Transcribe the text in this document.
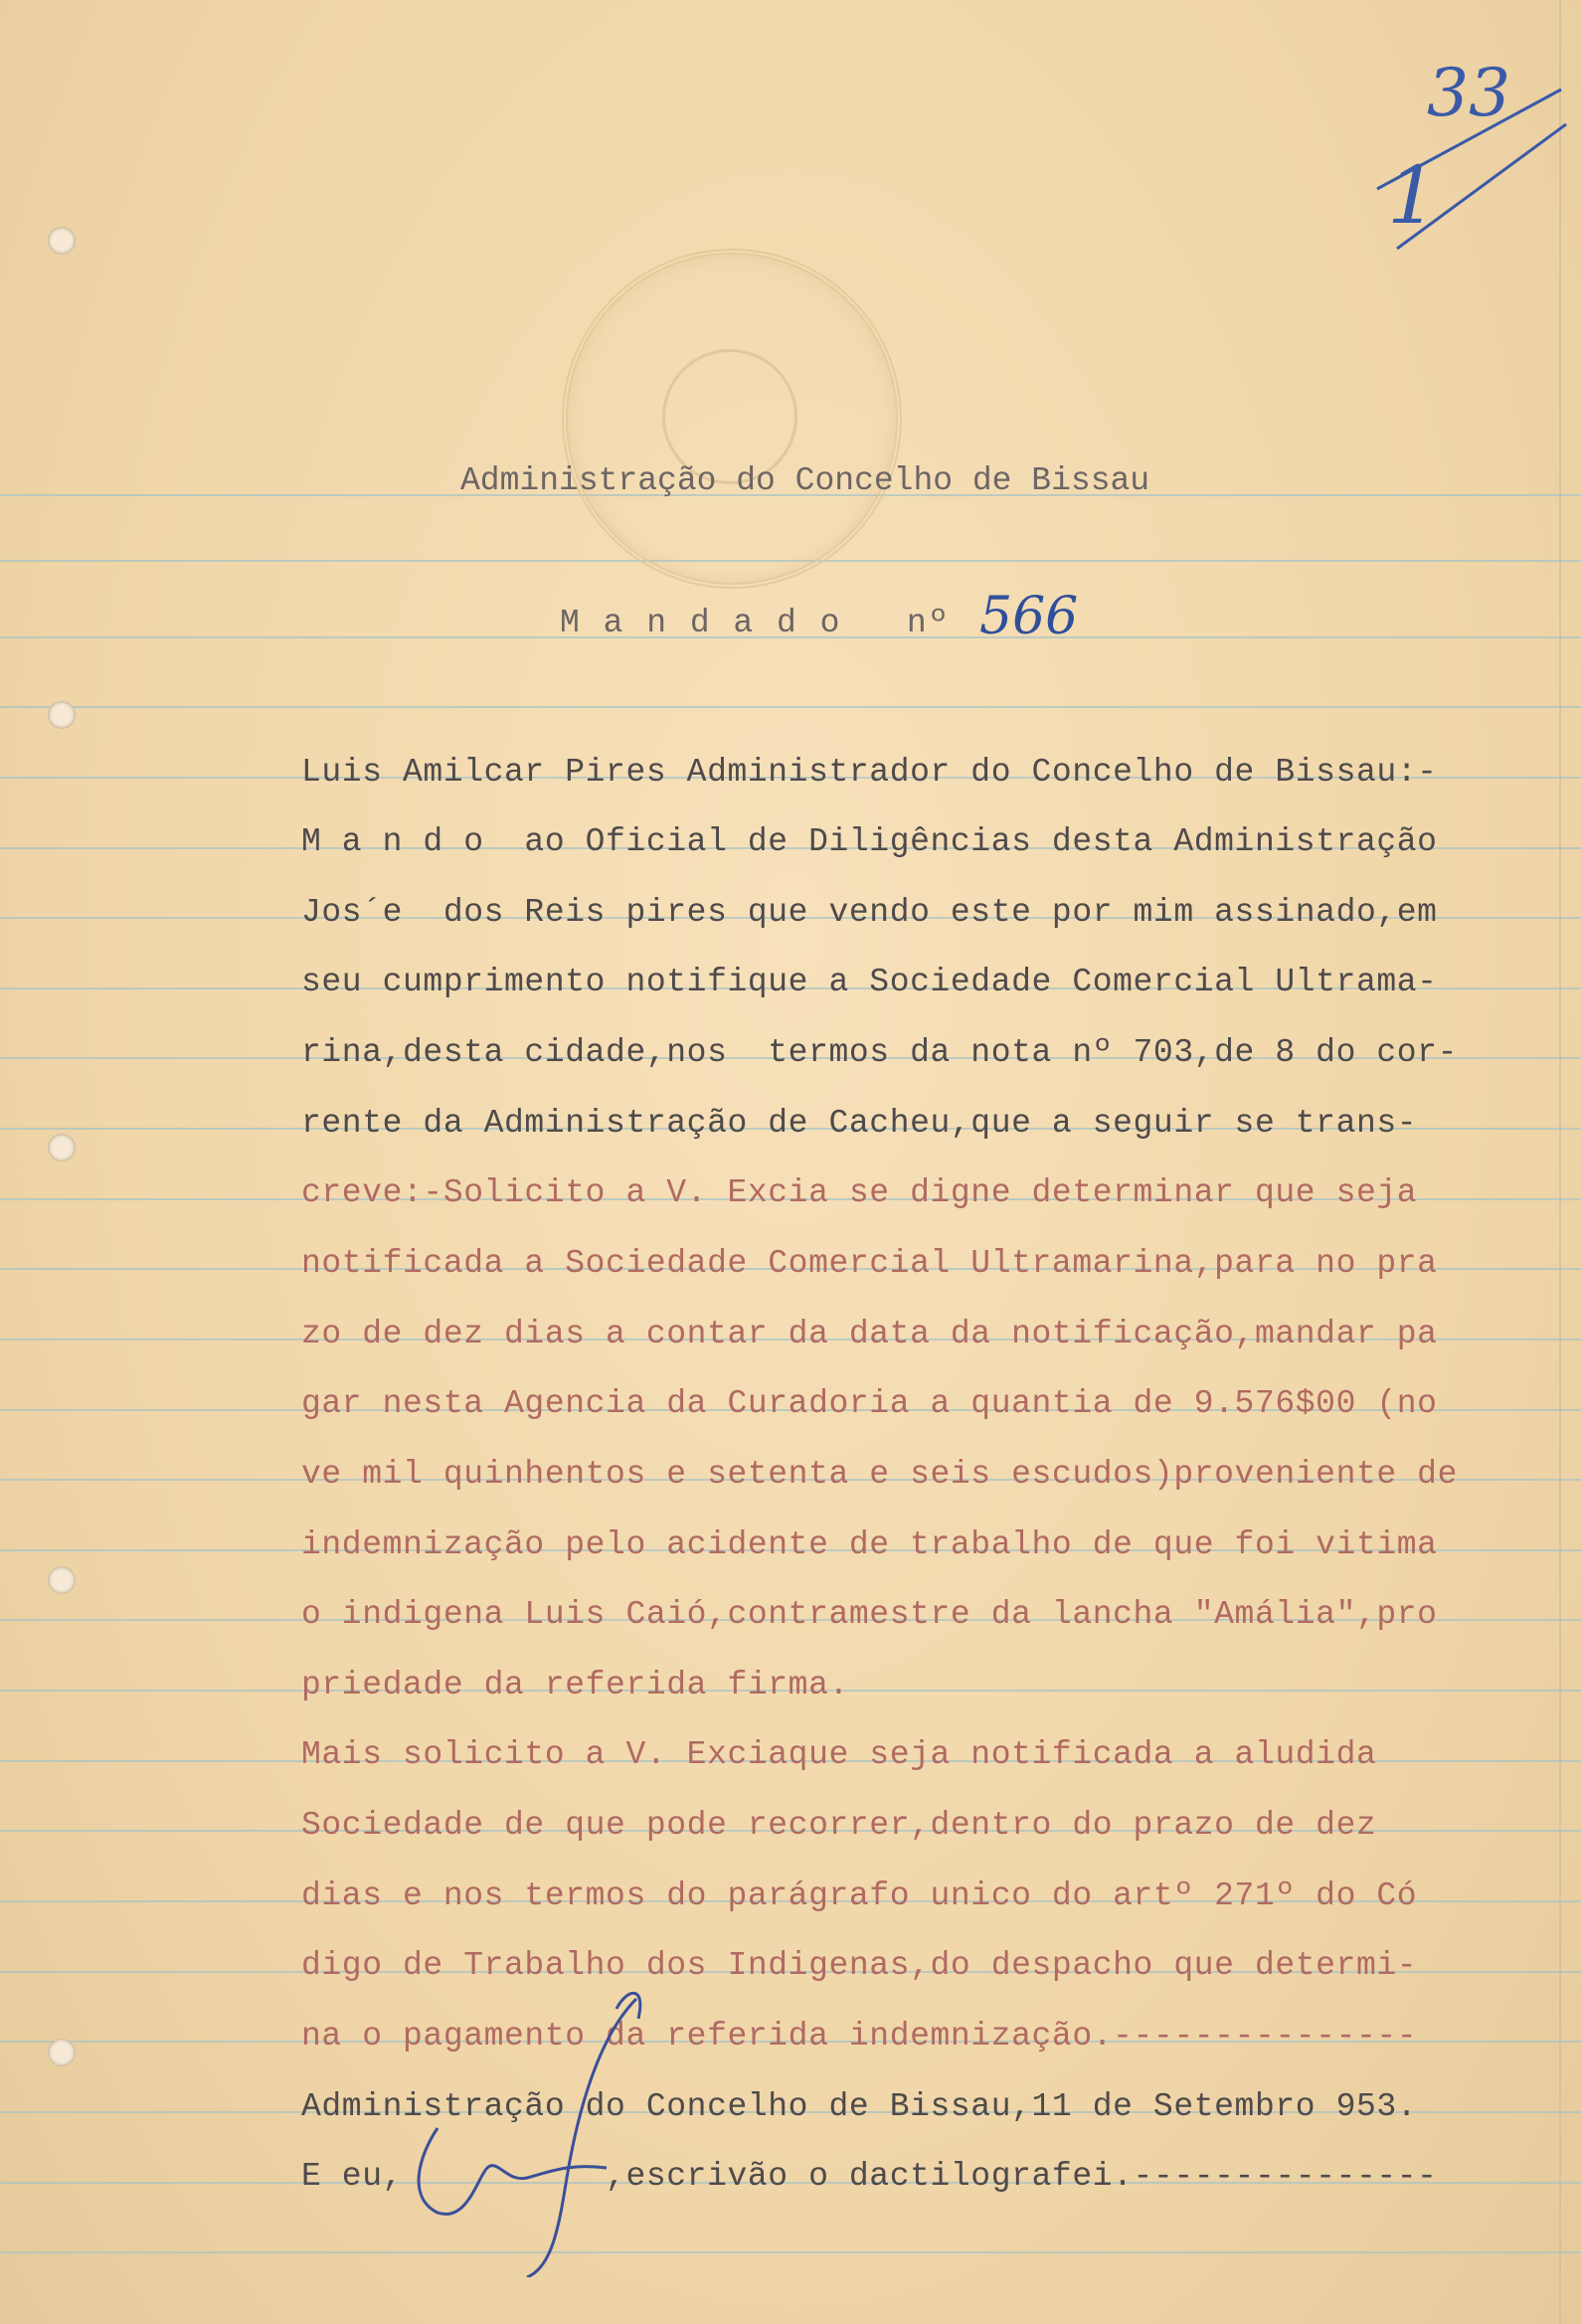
33
1
Administração do Concelho de Bissau
M a n d a d o   nº 566
Luis Amilcar Pires Administrador do Concelho de Bissau:-
M a n d o  ao Oficial de Diligências desta Administração
Jos´e  dos Reis pires que vendo este por mim assinado,em
seu cumprimento notifique a Sociedade Comercial Ultrama-
rina,desta cidade,nos  termos da nota nº 703,de 8 do cor-
rente da Administração de Cacheu,que a seguir se trans-
creve:-Solicito a V. Excia se digne determinar que seja
notificada a Sociedade Comercial Ultramarina,para no pra
zo de dez dias a contar da data da notificação,mandar pa
gar nesta Agencia da Curadoria a quantia de 9.576$00 (no
ve mil quinhentos e setenta e seis escudos)proveniente de
indemnização pelo acidente de trabalho de que foi vitima
o indigena Luis Caió,contramestre da lancha "Amália",pro
priedade da referida firma.
Mais solicito a V. Exciaque seja notificada a aludida
Sociedade de que pode recorrer,dentro do prazo de dez
dias e nos termos do parágrafo unico do artº 271º do Có
digo de Trabalho dos Indigenas,do despacho que determi-
na o pagamento da referida indemnização.---------------
Administração do Concelho de Bissau,11 de Setembro 953.
E eu,          ,escrivão o dactilografei.---------------
